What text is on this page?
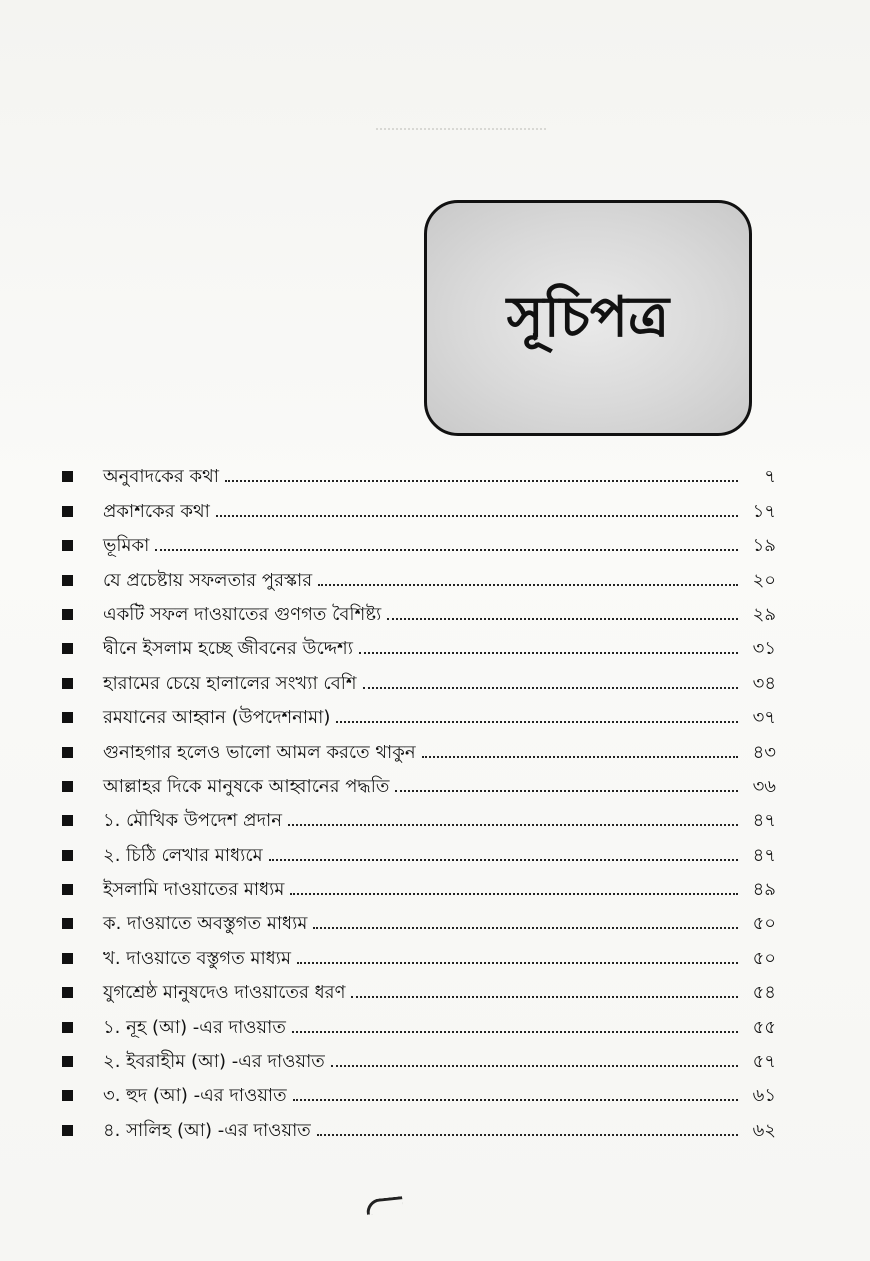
সূচিপত্র
অনুবাদকের কথা	৭
প্রকাশকের কথা	১৭
ভূমিকা	১৯
যে প্রচেষ্টায় সফলতার পুরস্কার	২০
একটি সফল দাওয়াতের গুণগত বৈশিষ্ট্য	২৯
দ্বীনে ইসলাম হচ্ছে জীবনের উদ্দেশ্য	৩১
হারামের চেয়ে হালালের সংখ্যা বেশি	৩৪
রমযানের আহ্বান (উপদেশনামা)	৩৭
গুনাহগার হলেও ভালো আমল করতে থাকুন	৪৩
আল্লাহর দিকে মানুষকে আহ্বানের পদ্ধতি	৩৬
১. মৌখিক উপদেশ প্রদান	৪৭
২. চিঠি লেখার মাধ্যমে	৪৭
ইসলামি দাওয়াতের মাধ্যম	৪৯
ক. দাওয়াতে অবস্তুগত মাধ্যম	৫০
খ. দাওয়াতে বস্তুগত মাধ্যম	৫০
যুগশ্রেষ্ঠ মানুষদেও দাওয়াতের ধরণ	৫৪
১. নূহ (আ) -এর দাওয়াত	৫৫
২. ইবরাহীম (আ) -এর দাওয়াত	৫৭
৩. হুদ (আ) -এর দাওয়াত	৬১
৪. সালিহ (আ) -এর দাওয়াত	৬২
